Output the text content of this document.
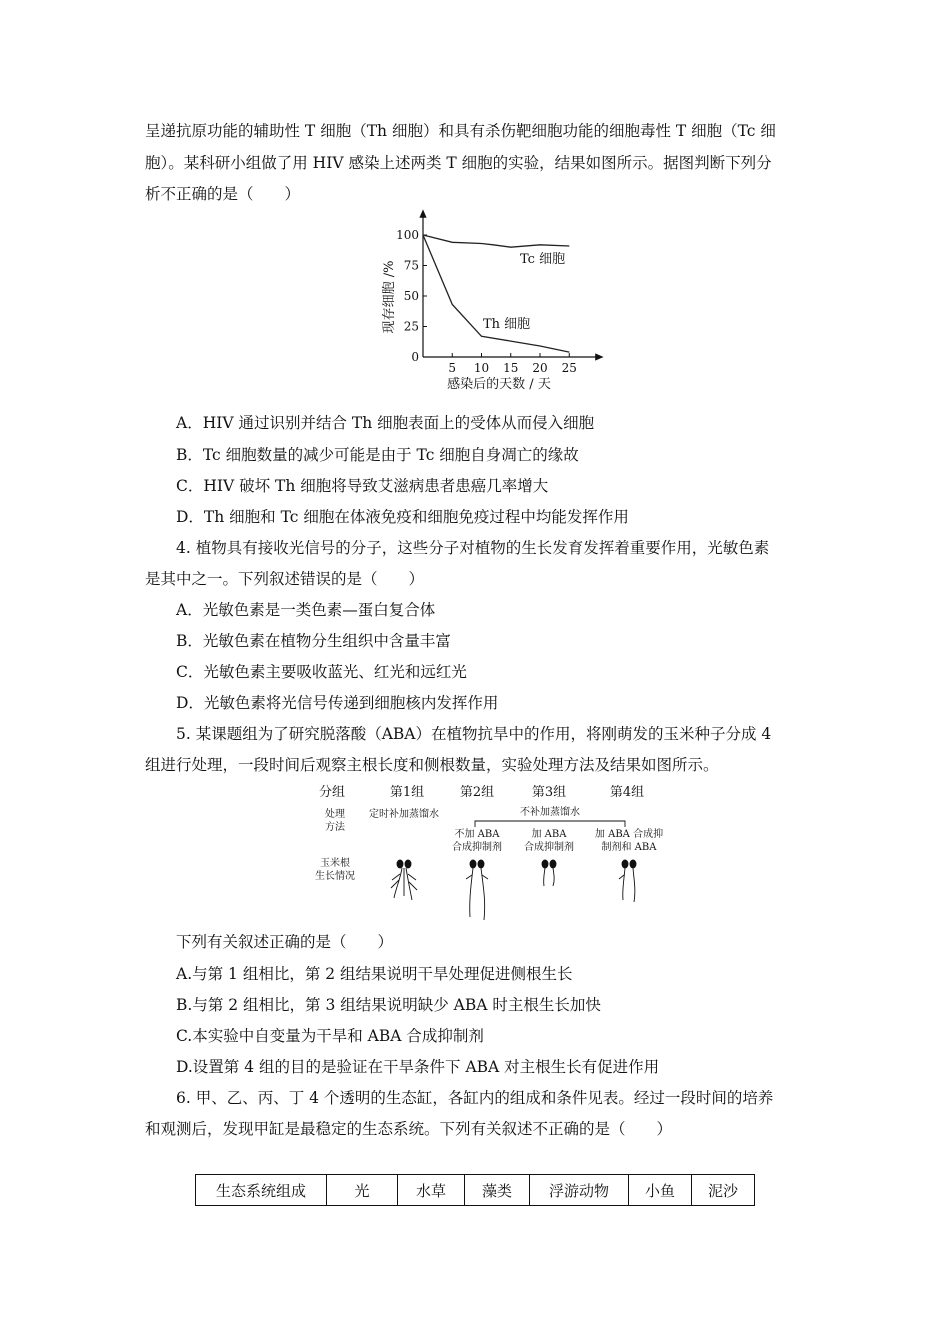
呈递抗原功能的辅助性 T 细胞（Th 细胞）和具有杀伤靶细胞功能的细胞毒性 T 细胞（Tc 细
胞）。某科研小组做了用 HIV 感染上述两类 T 细胞的实验，结果如图所示。据图判断下列分
析不正确的是（　　）
0
25
50
75
100
5 10 15 20 25
Tc 细胞
Th 细胞
现存细胞 /%
感染后的天数 / 天
A．HIV 通过识别并结合 Th 细胞表面上的受体从而侵入细胞
B．Tc 细胞数量的减少可能是由于 Tc 细胞自身凋亡的缘故
C．HIV 破坏 Th 细胞将导致艾滋病患者患癌几率增大
D．Th 细胞和 Tc 细胞在体液免疫和细胞免疫过程中均能发挥作用
4. 植物具有接收光信号的分子，这些分子对植物的生长发育发挥着重要作用，光敏色素
是其中之一。下列叙述错误的是（　　）
A．光敏色素是一类色素—蛋白复合体
B．光敏色素在植物分生组织中含量丰富
C．光敏色素主要吸收蓝光、红光和远红光
D．光敏色素将光信号传递到细胞核内发挥作用
5. 某课题组为了研究脱落酸（ABA）在植物抗旱中的作用，将刚萌发的玉米种子分成 4
组进行处理，一段时间后观察主根长度和侧根数量，实验处理方法及结果如图所示。
分组	第1组	第2组	第3组	第4组
处理
方法
定时补加蒸馏水	不补加蒸馏水
不加 ABA
合成抑制剂
加 ABA
合成抑制剂
加 ABA 合成抑
制剂和 ABA
玉米根
生长情况
下列有关叙述正确的是（　　）
A.与第 1 组相比，第 2 组结果说明干旱处理促进侧根生长
B.与第 2 组相比，第 3 组结果说明缺少 ABA 时主根生长加快
C.本实验中自变量为干旱和 ABA 合成抑制剂
D.设置第 4 组的目的是验证在干旱条件下 ABA 对主根生长有促进作用
6. 甲、乙、丙、丁 4 个透明的生态缸，各缸内的组成和条件见表。经过一段时间的培养
和观测后，发现甲缸是最稳定的生态系统。下列有关叙述不正确的是（　　）
生态系统组成	光	水草	藻类	浮游动物	小鱼	泥沙
